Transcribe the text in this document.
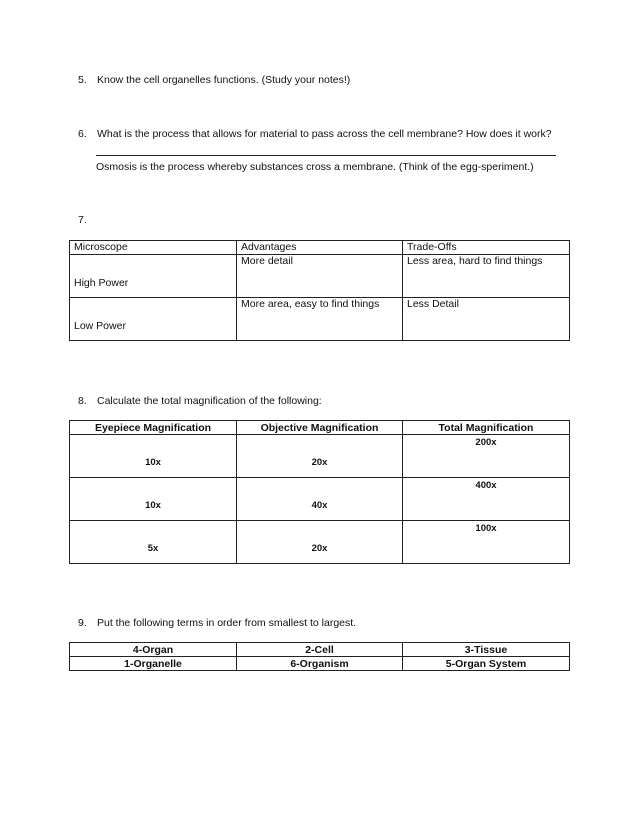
5. Know the cell organelles functions. (Study your notes!)
6. What is the process that allows for material to pass across the cell membrane? How does it work?
Osmosis is the process whereby substances cross a membrane. (Think of the egg-speriment.)
7.
Microscope	Advantages	Trade-Offs
High Power	More detail	Less area, hard to find things
Low Power	More area, easy to find things	Less Detail
8. Calculate the total magnification of the following:
Eyepiece Magnification	Objective Magnification	Total Magnification
10x	20x	200x
10x	40x	400x
5x	20x	100x
9. Put the following terms in order from smallest to largest.
4-Organ	2-Cell	3-Tissue
1-Organelle	6-Organism	5-Organ System
